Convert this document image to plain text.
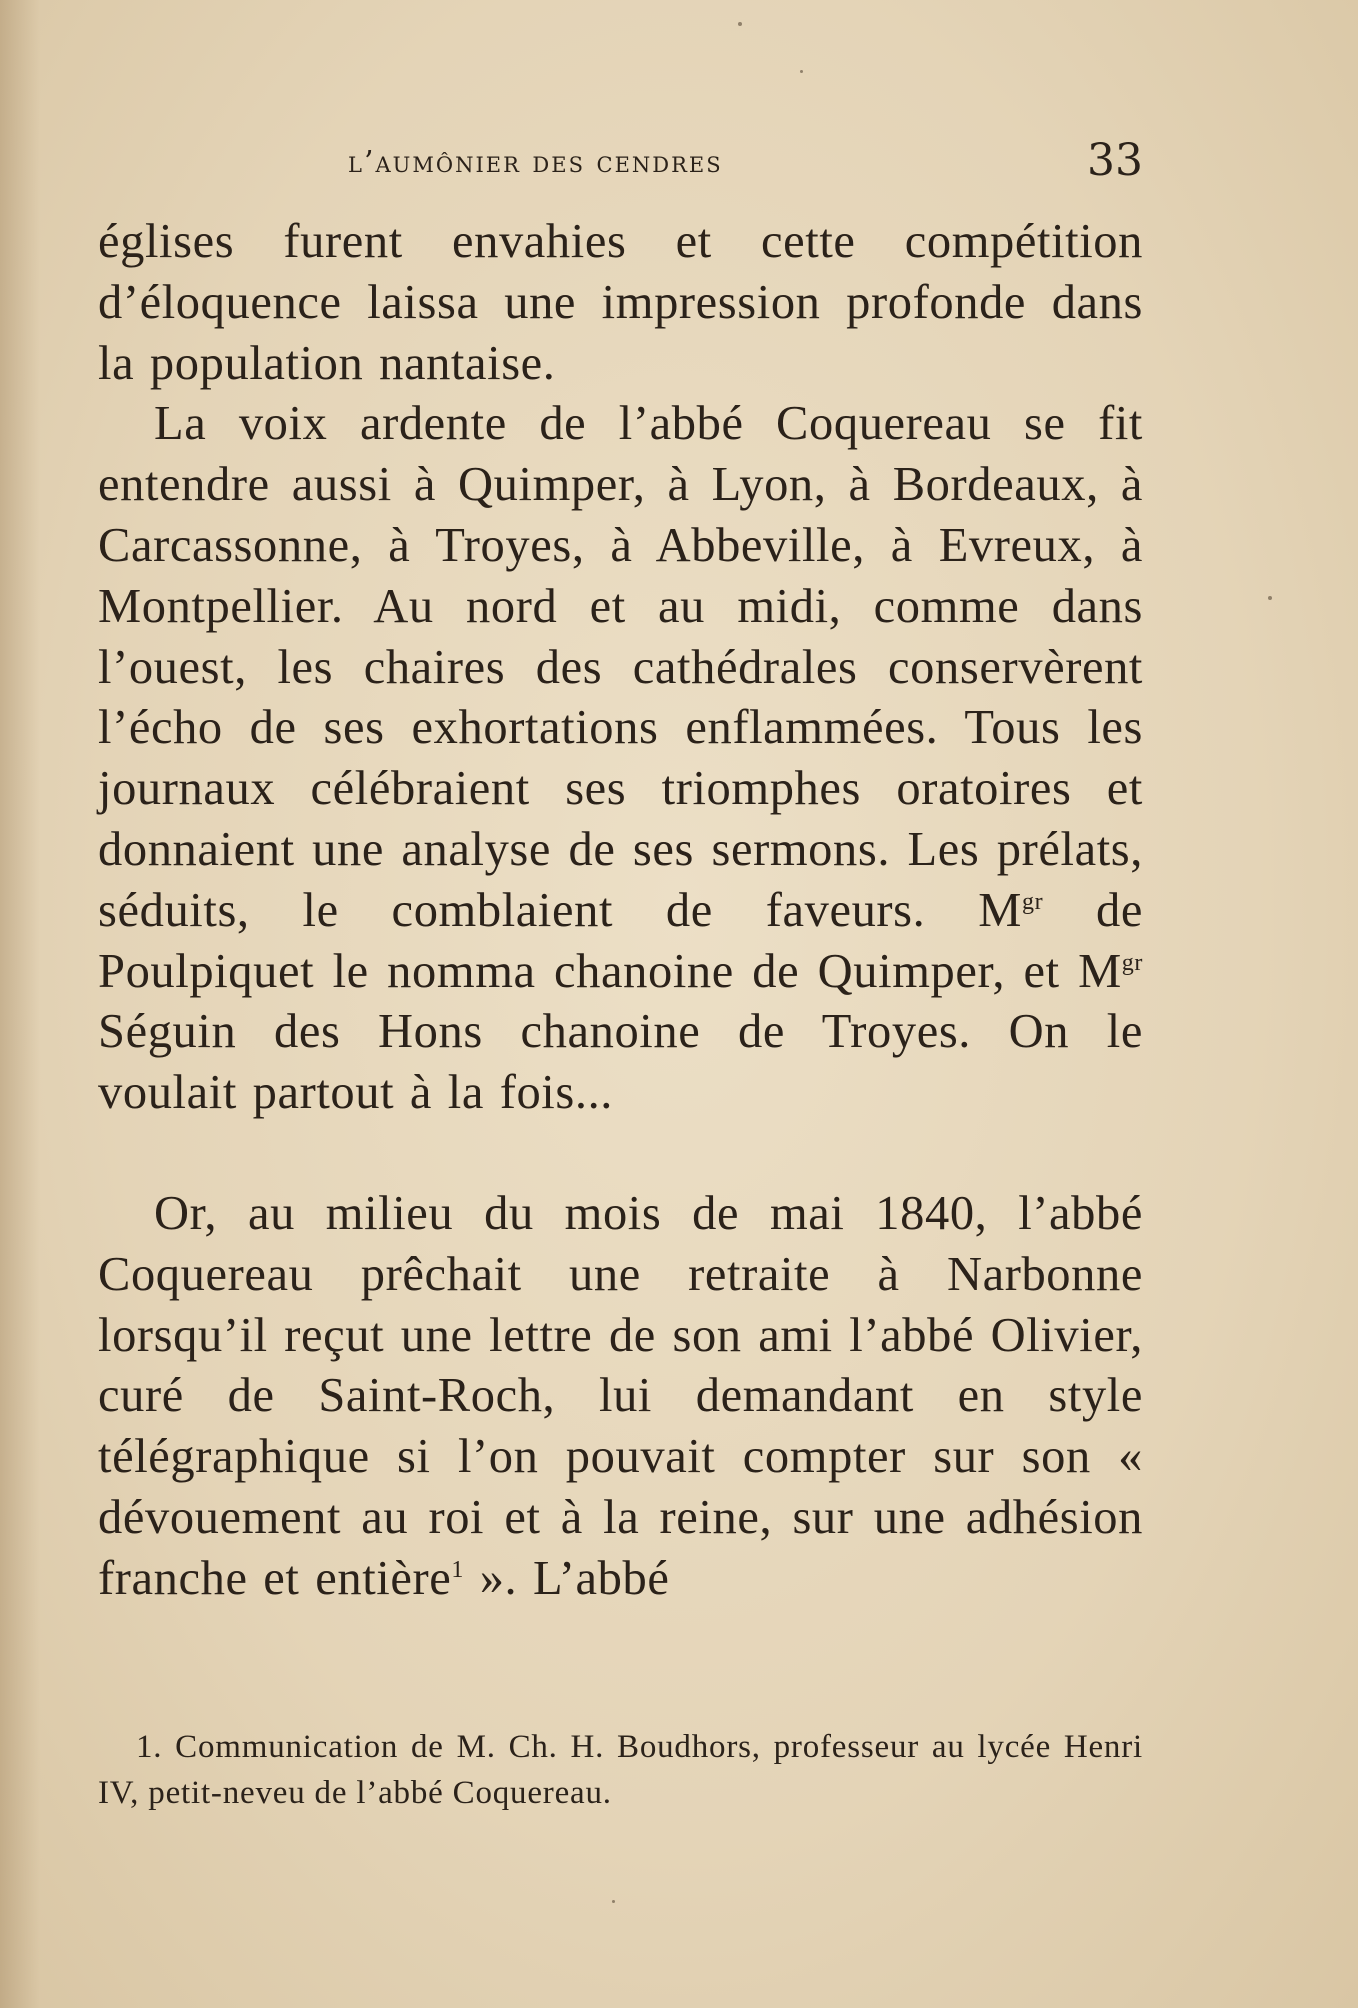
l’aumônier des cendres	33

églises furent envahies et cette compétition d’éloquence laissa une impression profonde dans la population nantaise.

La voix ardente de l’abbé Coquereau se fit entendre aussi à Quimper, à Lyon, à Bordeaux, à Carcassonne, à Troyes, à Abbeville, à Evreux, à Montpellier. Au nord et au midi, comme dans l’ouest, les chaires des cathédrales conservèrent l’écho de ses exhortations enflammées. Tous les journaux célébraient ses triomphes oratoires et donnaient une analyse de ses sermons. Les prélats, séduits, le comblaient de faveurs. $M^{gr}$ de Poulpiquet le nomma chanoine de Quimper, et $M^{gr}$ Séguin des Hons chanoine de Troyes. On le voulait partout à la fois...

Or, au milieu du mois de mai 1840, l’abbé Coquereau prêchait une retraite à Narbonne lorsqu’il reçut une lettre de son ami l’abbé Olivier, curé de Saint-Roch, lui demandant en style télégraphique si l’on pouvait compter sur son « dévouement au roi et à la reine, sur une adhésion franche et entière$^1$ ». L’abbé

1. Communication de M. Ch. H. Boudhors, professeur au lycée Henri IV, petit-neveu de l’abbé Coquereau.
